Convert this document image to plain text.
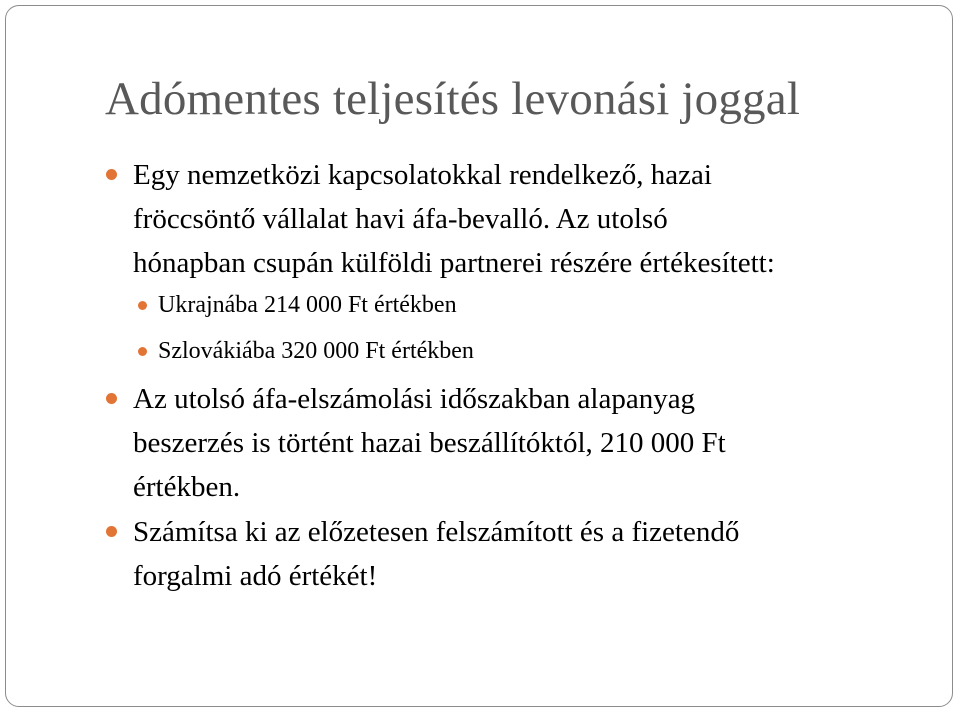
Adómentes teljesítés levonási joggal
Egy nemzetközi kapcsolatokkal rendelkező, hazai
fröccsöntő vállalat havi áfa-bevalló. Az utolsó
hónapban csupán külföldi partnerei részére értékesített:
Ukrajnába 214 000 Ft értékben
Szlovákiába 320 000 Ft értékben
Az utolsó áfa-elszámolási időszakban alapanyag
beszerzés is történt hazai beszállítóktól, 210 000 Ft
értékben.
Számítsa ki az előzetesen felszámított és a fizetendő
forgalmi adó értékét!
